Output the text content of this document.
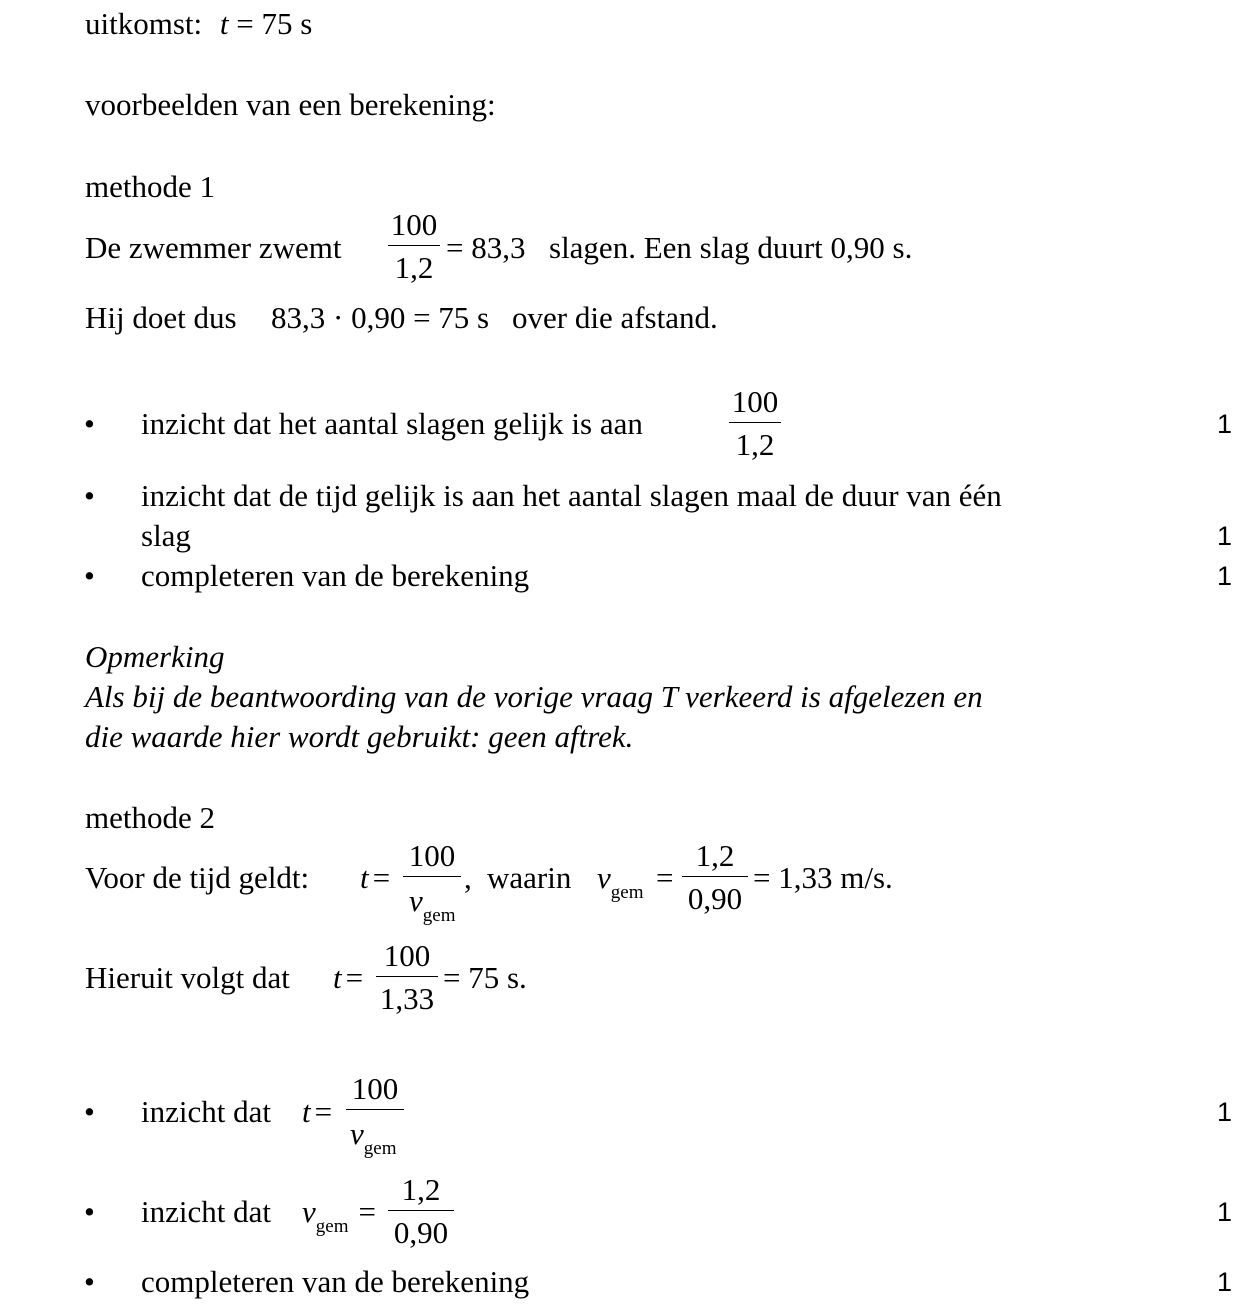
uitkomst: t = 75 s
voorbeelden van een berekening:
methode 1
De zwemmer zwemt
100
1,2
= 83,3 slagen. Een slag duurt 0,90 s.
Hij doet dus 83,3 · 0,90 = 75 s over die afstand.
• inzicht dat het aantal slagen gelijk is aan
100
1,2
1
• inzicht dat de tijd gelijk is aan het aantal slagen maal de duur van één
slag	1
• completeren van de berekening	1
Opmerking
Als bij de beantwoording van de vorige vraag T verkeerd is afgelezen en
die waarde hier wordt gebruikt: geen aftrek.
methode 2
Voor de tijd geldt: t =
100
$v_{gem}$
, waarin $v_{gem}$ =
1,2
0,90
= 1,33 m/s.
Hieruit volgt dat t =
100
1,33
= 75 s.
• inzicht dat t =
100
$v_{gem}$
1
• inzicht dat $v_{gem}$ =
1,2
0,90
1
• completeren van de berekening	1
